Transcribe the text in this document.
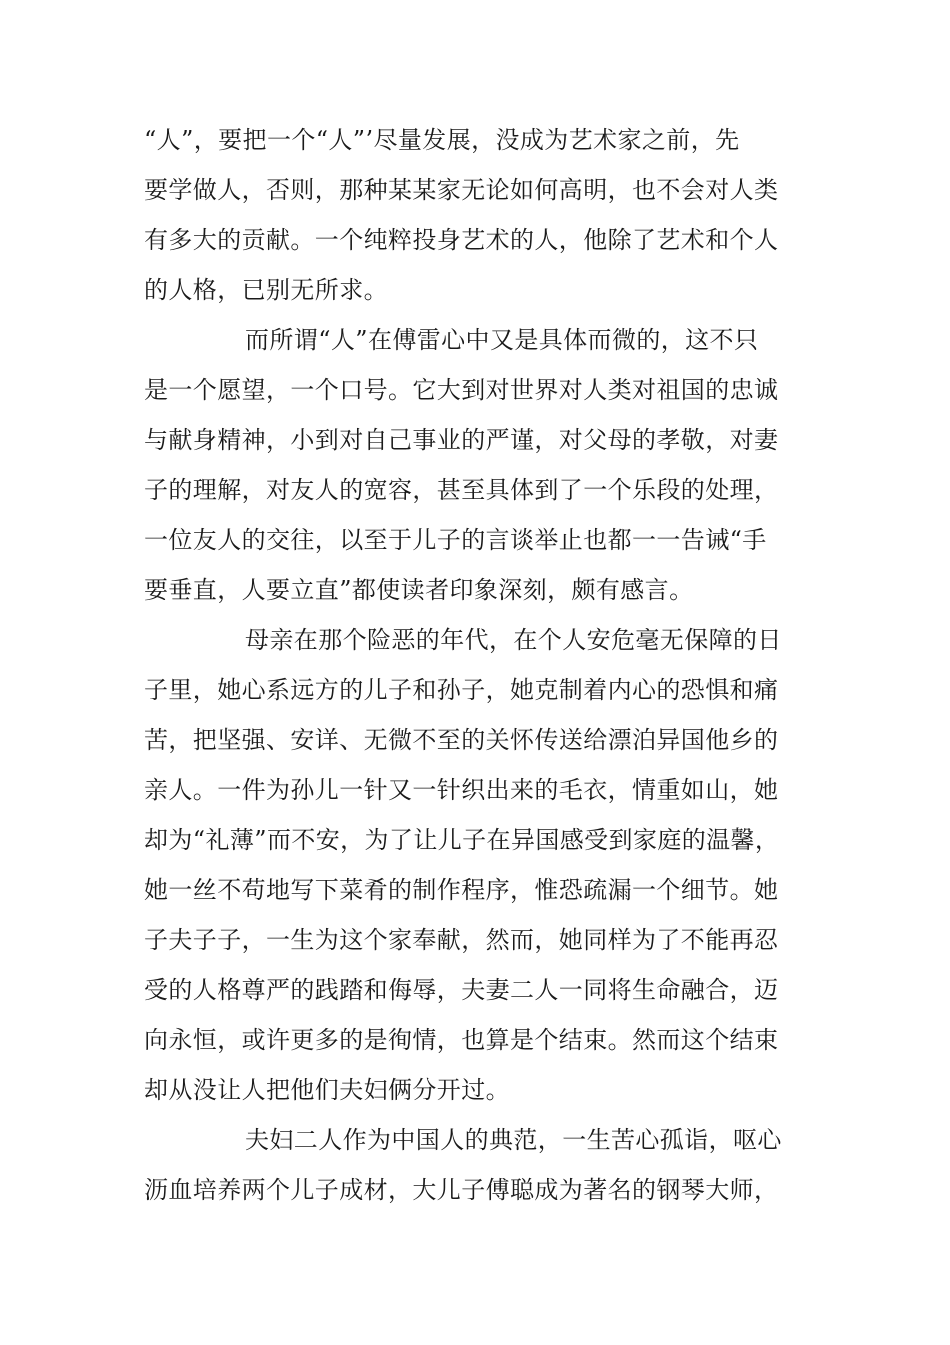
“人”，要把一个“人”’尽量发展，没成为艺术家之前，先

要学做人，否则，那种某某家无论如何高明，也不会对人类

有多大的贡献。一个纯粹投身艺术的人，他除了艺术和个人

的人格，已别无所求。

而所谓“人”在傅雷心中又是具体而微的，这不只

是一个愿望，一个口号。它大到对世界对人类对祖国的忠诚

与献身精神，小到对自己事业的严谨，对父母的孝敬，对妻

子的理解，对友人的宽容，甚至具体到了一个乐段的处理，

一位友人的交往，以至于儿子的言谈举止也都一一告诫“手

要垂直，人要立直”都使读者印象深刻，颇有感言。

母亲在那个险恶的年代，在个人安危毫无保障的日

子里，她心系远方的儿子和孙子，她克制着内心的恐惧和痛

苦，把坚强、安详、无微不至的关怀传送给漂泊异国他乡的

亲人。一件为孙儿一针又一针织出来的毛衣，情重如山，她

却为“礼薄”而不安，为了让儿子在异国感受到家庭的温馨，

她一丝不苟地写下菜肴的制作程序，惟恐疏漏一个细节。她

子夫子子，一生为这个家奉献，然而，她同样为了不能再忍

受的人格尊严的践踏和侮辱，夫妻二人一同将生命融合，迈

向永恒，或许更多的是徇情，也算是个结束。然而这个结束

却从没让人把他们夫妇俩分开过。

夫妇二人作为中国人的典范，一生苦心孤诣，呕心

沥血培养两个儿子成材，大儿子傅聪成为著名的钢琴大师，
